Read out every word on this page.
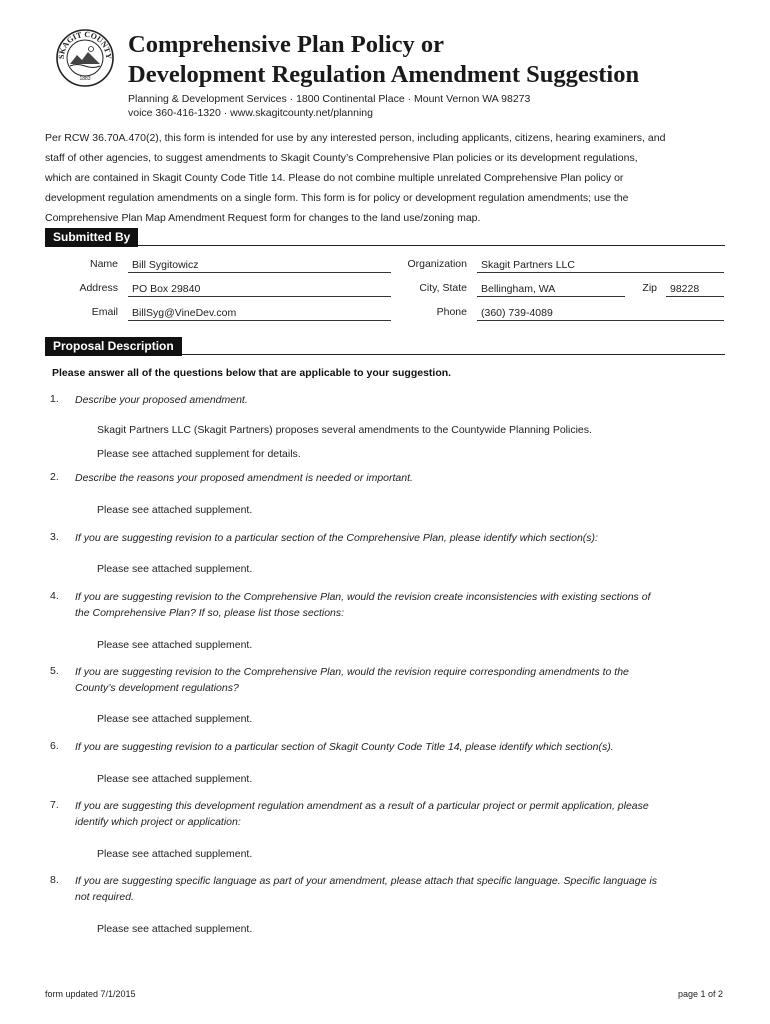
SKAGIT COUNTY
1883
Comprehensive Plan Policy or
Development Regulation Amendment Suggestion
Planning & Development Services · 1800 Continental Place · Mount Vernon WA 98273
voice 360-416-1320 · www.skagitcounty.net/planning
Per RCW 36.70A.470(2), this form is intended for use by any interested person, including applicants, citizens, hearing examiners, and
staff of other agencies, to suggest amendments to Skagit County’s Comprehensive Plan policies or its development regulations,
which are contained in Skagit County Code Title 14. Please do not combine multiple unrelated Comprehensive Plan policy or
development regulation amendments on a single form. This form is for policy or development regulation amendments; use the
Comprehensive Plan Map Amendment Request form for changes to the land use/zoning map.
Submitted By
Name	Bill Sygitowicz	Organization	Skagit Partners LLC
Address	PO Box 29840	City, State	Bellingham, WA	Zip	98228
Email	BillSyg@VineDev.com	Phone	(360) 739-4089
Proposal Description
Please answer all of the questions below that are applicable to your suggestion.
1. Describe your proposed amendment.
Skagit Partners LLC (Skagit Partners) proposes several amendments to the Countywide Planning Policies.
Please see attached supplement for details.
2. Describe the reasons your proposed amendment is needed or important.
Please see attached supplement.
3. If you are suggesting revision to a particular section of the Comprehensive Plan, please identify which section(s):
Please see attached supplement.
4. If you are suggesting revision to the Comprehensive Plan, would the revision create inconsistencies with existing sections of
the Comprehensive Plan? If so, please list those sections:
Please see attached supplement.
5. If you are suggesting revision to the Comprehensive Plan, would the revision require corresponding amendments to the
County’s development regulations?
Please see attached supplement.
6. If you are suggesting revision to a particular section of Skagit County Code Title 14, please identify which section(s).
Please see attached supplement.
7. If you are suggesting this development regulation amendment as a result of a particular project or permit application, please
identify which project or application:
Please see attached supplement.
8. If you are suggesting specific language as part of your amendment, please attach that specific language. Specific language is
not required.
Please see attached supplement.
form updated 7/1/2015	page 1 of 2
